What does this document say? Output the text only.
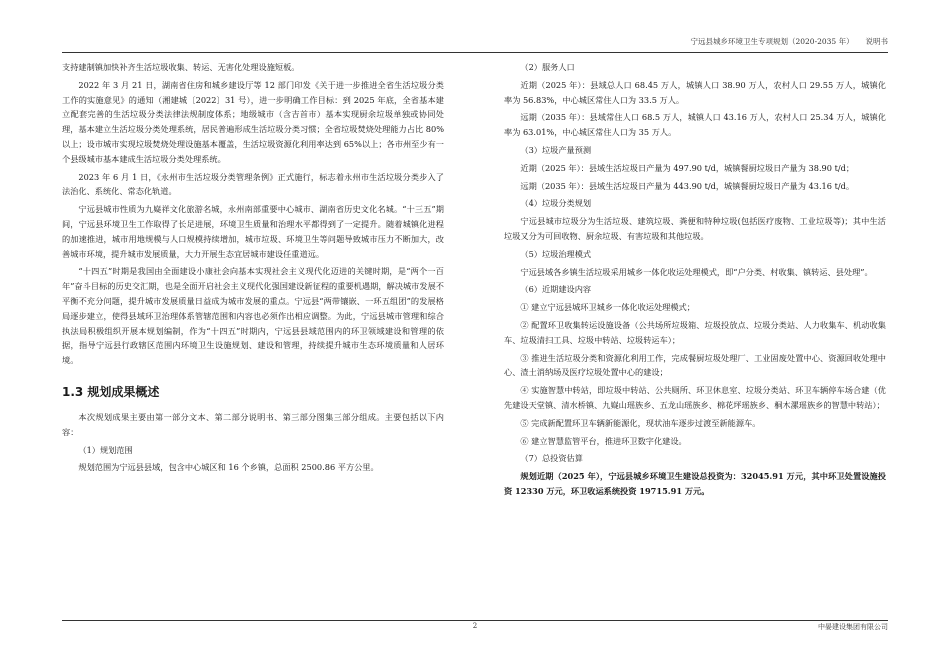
宁远县城乡环境卫生专项规划（2020-2035 年） 说明书

支持建制镇加快补齐生活垃圾收集、转运、无害化处理设施短板。

2022 年 3 月 21 日，湖南省住房和城乡建设厅等 12 部门印发《关于进一步推进全省生活垃圾分类工作的实施意见》的通知（湘建城〔2022〕31 号），进一步明确工作目标：到 2025 年底，全省基本建立配套完善的生活垃圾分类法律法规制度体系；地级城市（含吉首市）基本实现厨余垃圾单独或协同处理，基本建立生活垃圾分类处理系统，居民普遍形成生活垃圾分类习惯；全省垃圾焚烧处理能力占比 80%以上；设市城市实现垃圾焚烧处理设施基本覆盖，生活垃圾资源化利用率达到 65%以上；各市州至少有一个县级城市基本建成生活垃圾分类处理系统。

2023 年 6 月 1 日，《永州市生活垃圾分类管理条例》正式施行，标志着永州市生活垃圾分类步入了法治化、系统化、常态化轨道。

宁远县城市性质为九嶷祥文化旅游名城，永州南部重要中心城市、湖南省历史文化名城。“十三五”期间，宁远县环境卫生工作取得了长足进展，环境卫生质量和治理水平都得到了一定提升。随着城镇化进程的加速推进，城市用地规模与人口规模持续增加，城市垃圾、环境卫生等问题导致城市压力不断加大，改善城市环境，提升城市发展质量，大力开展生态宜居城市建设任重道远。

“十四五”时期是我国由全面建设小康社会向基本实现社会主义现代化迈进的关键时期，是“两个一百年”奋斗目标的历史交汇期，也是全面开启社会主义现代化强国建设新征程的重要机遇期，解决城市发展不平衡不充分问题，提升城市发展质量日益成为城市发展的重点。宁远县“两带镶嵌、一环五组团”的发展格局逐步建立，使得县域环卫治理体系管辖范围和内容也必须作出相应调整。为此，宁远县城市管理和综合执法局积极组织开展本规划编制，作为“十四五”时期内，宁远县县域范围内的环卫领域建设和管理的依据，指导宁远县行政辖区范围内环境卫生设施规划、建设和管理，持续提升城市生态环境质量和人居环境。

1.3 规划成果概述

本次规划成果主要由第一部分文本、第二部分说明书、第三部分图集三部分组成。主要包括以下内容：

（1）规划范围

规划范围为宁远县县域，包含中心城区和 16 个乡镇，总面积 2500.86 平方公里。

（2）服务人口

近期（2025 年）：县域总人口 68.45 万人，城镇人口 38.90 万人，农村人口 29.55 万人，城镇化率为 56.83%，中心城区常住人口为 33.5 万人。

远期（2035 年）：县域常住人口 68.5 万人，城镇人口 43.16 万人，农村人口 25.34 万人，城镇化率为 63.01%，中心城区常住人口为 35 万人。

（3）垃圾产量预测

近期（2025 年）：县域生活垃圾日产量为 497.90 t/d，城镇餐厨垃圾日产量为 38.90 t/d；

远期（2035 年）：县域生活垃圾日产量为 443.90 t/d，城镇餐厨垃圾日产量为 43.16 t/d。

（4）垃圾分类规划

宁远县城市垃圾分为生活垃圾、建筑垃圾、粪便和特种垃圾(包括医疗废物、工业垃圾等)；其中生活垃圾又分为可回收物、厨余垃圾、有害垃圾和其他垃圾。

（5）垃圾治理模式

宁远县域各乡镇生活垃圾采用城乡一体化收运处理模式，即“户分类、村收集、镇转运、县处理”。

（6）近期建设内容

① 建立宁远县城环卫城乡一体化收运处理模式；

② 配置环卫收集转运设施设备（公共场所垃圾箱、垃圾投放点、垃圾分类站、人力收集车、机动收集车、垃圾清扫工具、垃圾中转站、垃圾转运车）；

③ 推进生活垃圾分类和资源化利用工作，完成餐厨垃圾处理厂、工业固废处置中心、资源回收处理中心、渣土消纳场及医疗垃圾处置中心的建设；

④ 实施智慧中转站，即垃圾中转站、公共厕所、环卫休息室、垃圾分类站、环卫车辆停车场合建（优先建设天堂镇、清水桥镇、九嶷山瑶族乡、五龙山瑶族乡、棉花坪瑶族乡、桐木漯瑶族乡的智慧中转站）；

⑤ 完成新配置环卫车辆新能源化，现状油车逐步过渡至新能源车。

⑥ 建立智慧监管平台，推进环卫数字化建设。

（7）总投资估算

规划近期（2025 年），宁远县城乡环境卫生建设总投资为：32045.91 万元，其中环卫处置设施投资 12330 万元，环卫收运系统投资 19715.91 万元。

2	中晏建设集团有限公司
